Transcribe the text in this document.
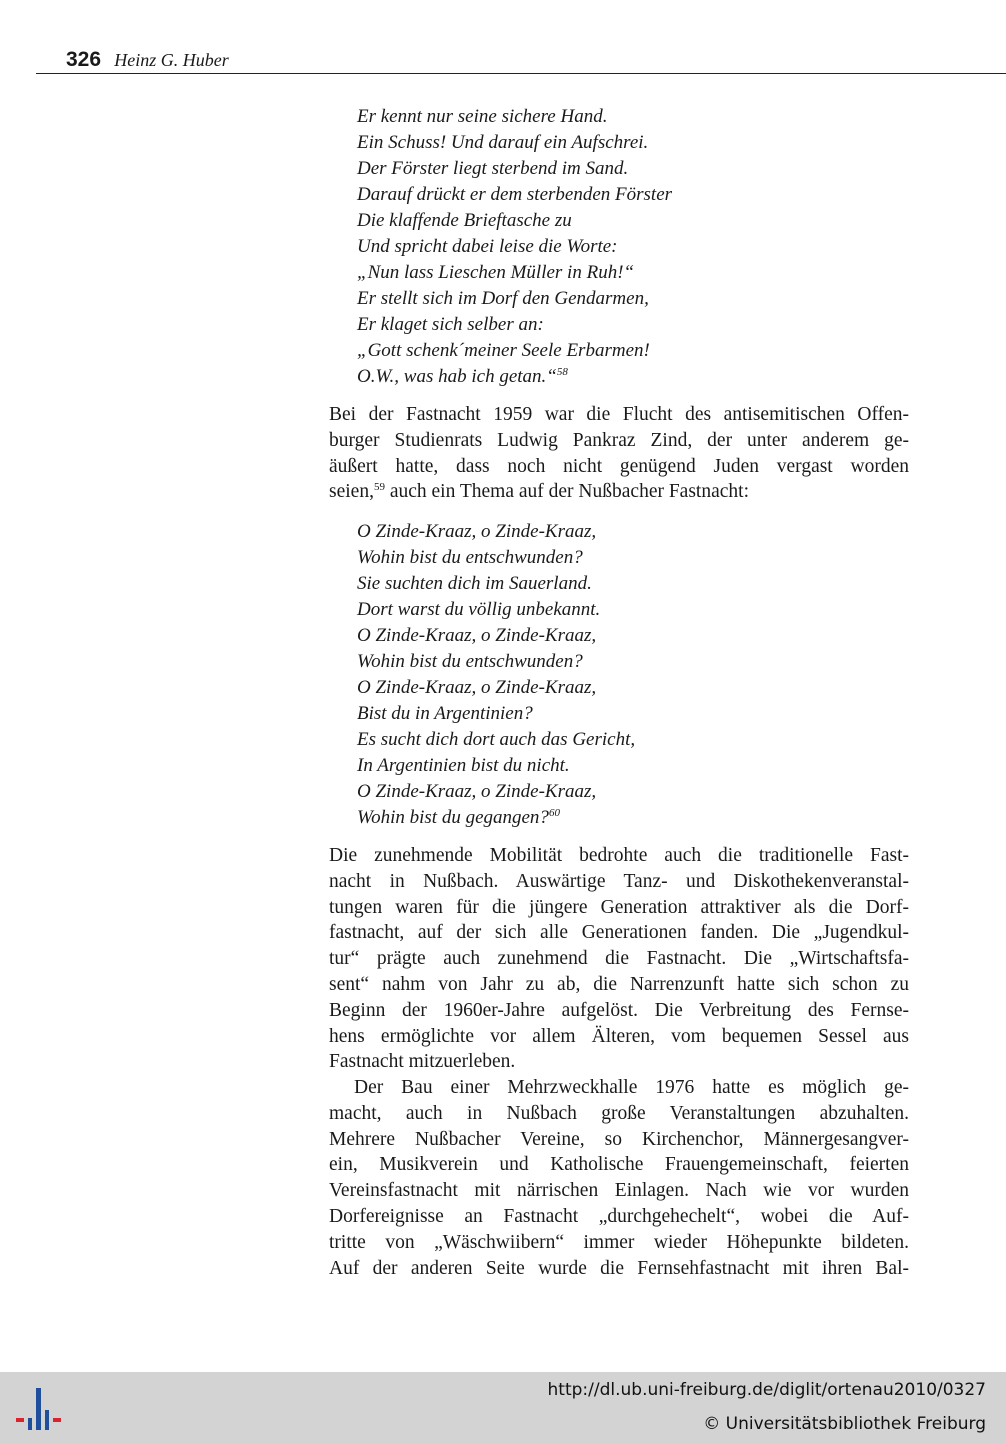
326 Heinz G. Huber
Er kennt nur seine sichere Hand.
Ein Schuss! Und darauf ein Aufschrei.
Der Förster liegt sterbend im Sand.
Darauf drückt er dem sterbenden Förster
Die klaffende Brieftasche zu
Und spricht dabei leise die Worte:
„Nun lass Lieschen Müller in Ruh!“
Er stellt sich im Dorf den Gendarmen,
Er klaget sich selber an:
„Gott schenk´meiner Seele Erbarmen!
O.W., was hab ich getan.“$^{58}$
Bei der Fastnacht 1959 war die Flucht des antisemitischen Offen-
burger Studienrats Ludwig Pankraz Zind, der unter anderem ge-
äußert hatte, dass noch nicht genügend Juden vergast worden
seien,$^{59}$ auch ein Thema auf der Nußbacher Fastnacht:
O Zinde-Kraaz, o Zinde-Kraaz,
Wohin bist du entschwunden?
Sie suchten dich im Sauerland.
Dort warst du völlig unbekannt.
O Zinde-Kraaz, o Zinde-Kraaz,
Wohin bist du entschwunden?
O Zinde-Kraaz, o Zinde-Kraaz,
Bist du in Argentinien?
Es sucht dich dort auch das Gericht,
In Argentinien bist du nicht.
O Zinde-Kraaz, o Zinde-Kraaz,
Wohin bist du gegangen?$^{60}$
Die zunehmende Mobilität bedrohte auch die traditionelle Fast-
nacht in Nußbach. Auswärtige Tanz- und Diskothekenveranstal-
tungen waren für die jüngere Generation attraktiver als die Dorf-
fastnacht, auf der sich alle Generationen fanden. Die „Jugendkul-
tur“ prägte auch zunehmend die Fastnacht. Die „Wirtschaftsfa-
sent“ nahm von Jahr zu ab, die Narrenzunft hatte sich schon zu
Beginn der 1960er-Jahre aufgelöst. Die Verbreitung des Fernse-
hens ermöglichte vor allem Älteren, vom bequemen Sessel aus
Fastnacht mitzuerleben.
Der Bau einer Mehrzweckhalle 1976 hatte es möglich ge-
macht, auch in Nußbach große Veranstaltungen abzuhalten.
Mehrere Nußbacher Vereine, so Kirchenchor, Männergesangver-
ein, Musikverein und Katholische Frauengemeinschaft, feierten
Vereinsfastnacht mit närrischen Einlagen. Nach wie vor wurden
Dorfereignisse an Fastnacht „durchgehechelt“, wobei die Auf-
tritte von „Wäschwiibern“ immer wieder Höhepunkte bildeten.
Auf der anderen Seite wurde die Fernsehfastnacht mit ihren Bal-
http://dl.ub.uni-freiburg.de/diglit/ortenau2010/0327
© Universitätsbibliothek Freiburg
